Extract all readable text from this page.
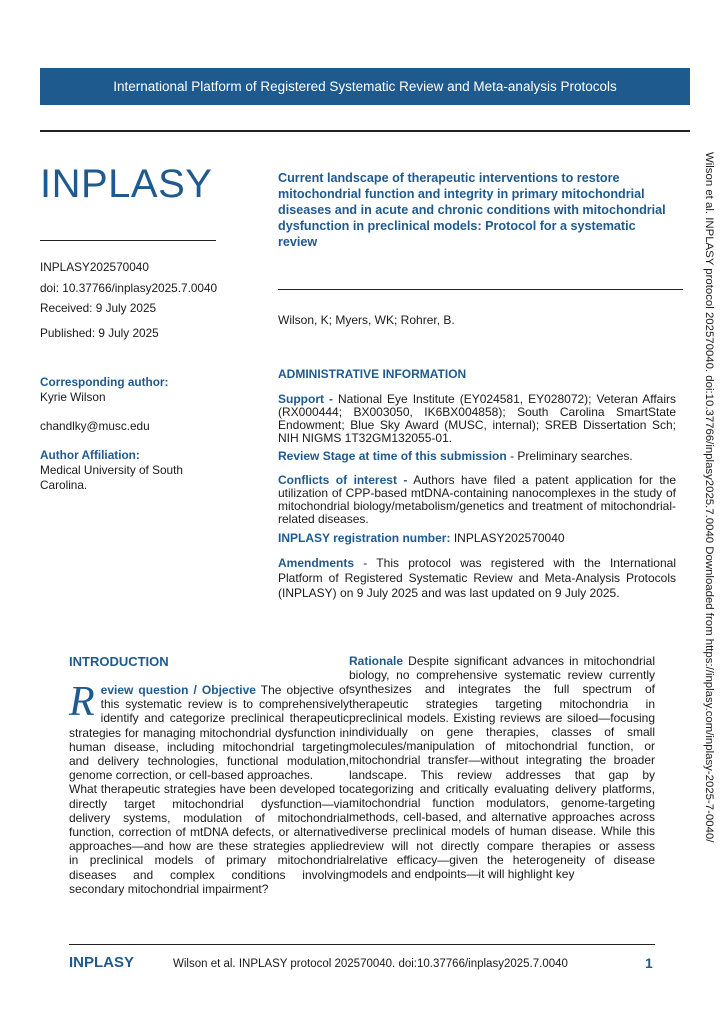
International Platform of Registered Systematic Review and Meta-analysis Protocols
INPLASY
INPLASY202570040
doi: 10.37766/inplasy2025.7.0040
Received: 9 July 2025
Published: 9 July 2025
Corresponding author:
Kyrie Wilson
chandlky@musc.edu
Author Affiliation:
Medical University of South Carolina.
Current landscape of therapeutic interventions to restore mitochondrial function and integrity in primary mitochondrial diseases and in acute and chronic conditions with mitochondrial dysfunction in preclinical models: Protocol for a systematic review
Wilson, K; Myers, WK; Rohrer, B.
ADMINISTRATIVE INFORMATION
Support - National Eye Institute (EY024581, EY028072); Veteran Affairs (RX000444; BX003050, IK6BX004858); South Carolina SmartState Endowment; Blue Sky Award (MUSC, internal); SREB Dissertation Sch; NIH NIGMS 1T32GM132055-01.
Review Stage at time of this submission - Preliminary searches.
Conflicts of interest - Authors have filed a patent application for the utilization of CPP-based mtDNA-containing nanocomplexes in the study of mitochondrial biology/metabolism/genetics and treatment of mitochondrial-related diseases.
INPLASY registration number: INPLASY202570040
Amendments - This protocol was registered with the International Platform of Registered Systematic Review and Meta-Analysis Protocols (INPLASY) on 9 July 2025 and was last updated on 9 July 2025.	Wilson et al. INPLASY protocol 202570040. doi:10.37766/inplasy2025.7.0040 Downloaded from https://inplasy.com/inplasy-2025-7-0040/
INTRODUCTION
Review question / Objective The objective of this systematic review is to comprehensively identify and categorize preclinical therapeutic strategies for managing mitochondrial dysfunction in human disease, including mitochondrial targeting and delivery technologies, functional modulation, genome correction, or cell-based approaches.
What therapeutic strategies have been developed to directly target mitochondrial dysfunction—via delivery systems, modulation of mitochondrial function, correction of mtDNA defects, or alternative approaches—and how are these strategies applied in preclinical models of primary mitochondrial diseases and complex conditions involving secondary mitochondrial impairment?
Rationale Despite significant advances in mitochondrial biology, no comprehensive systematic review currently synthesizes and integrates the full spectrum of therapeutic strategies targeting mitochondria in preclinical models. Existing reviews are siloed—focusing individually on gene therapies, classes of small molecules/manipulation of mitochondrial function, or mitochondrial transfer—without integrating the broader landscape. This review addresses that gap by categorizing and critically evaluating delivery platforms, mitochondrial function modulators, genome-targeting methods, cell-based, and alternative approaches across diverse preclinical models of human disease. While this review will not directly compare therapies or assess relative efficacy—given the heterogeneity of disease models and endpoints—it will highlight key
INPLASY	Wilson et al. INPLASY protocol 202570040. doi:10.37766/inplasy2025.7.0040	1
